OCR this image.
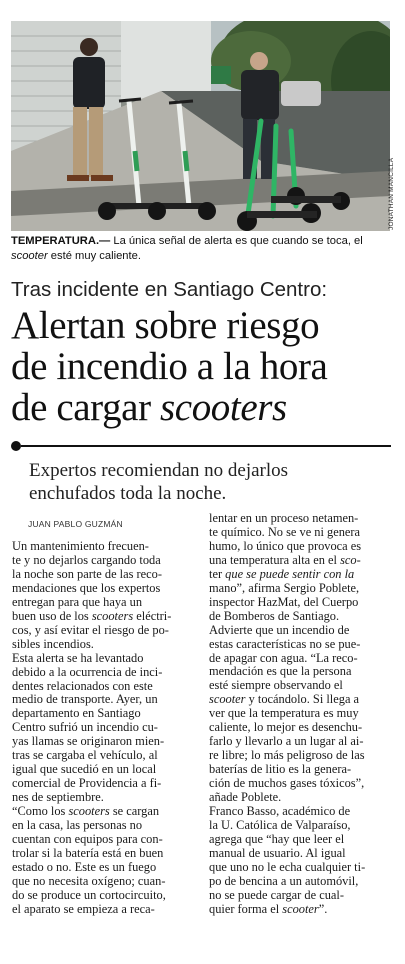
JONATHAN MANCILLA
TEMPERATURA.— La única señal de alerta es que cuando se toca, el
scooter esté muy caliente.
Tras incidente en Santiago Centro:
Alertan sobre riesgo
de incendio a la hora
de cargar scooters
Expertos recomiendan no dejarlos
enchufados toda la noche.
JUAN PABLO GUZMÁN
Un mantenimiento frecuen-
te y no dejarlos cargando toda
la noche son parte de las reco-
mendaciones que los expertos
entregan para que haya un
buen uso de los scooters eléctri-
cos, y así evitar el riesgo de po-
sibles incendios.
Esta alerta se ha levantado
debido a la ocurrencia de inci-
dentes relacionados con este
medio de transporte. Ayer, un
departamento en Santiago
Centro sufrió un incendio cu-
yas llamas se originaron mien-
tras se cargaba el vehículo, al
igual que sucedió en un local
comercial de Providencia a fi-
nes de septiembre.
“Como los scooters se cargan
en la casa, las personas no
cuentan con equipos para con-
trolar si la batería está en buen
estado o no. Este es un fuego
que no necesita oxígeno; cuan-
do se produce un cortocircuito,
el aparato se empieza a reca-
lentar en un proceso netamen-
te químico. No se ve ni genera
humo, lo único que provoca es
una temperatura alta en el sco-
ter que se puede sentir con la
mano”, afirma Sergio Poblete,
inspector HazMat, del Cuerpo
de Bomberos de Santiago.
Advierte que un incendio de
estas características no se pue-
de apagar con agua. “La reco-
mendación es que la persona
esté siempre observando el
scooter y tocándolo. Si llega a
ver que la temperatura es muy
caliente, lo mejor es desenchu-
farlo y llevarlo a un lugar al ai-
re libre; lo más peligroso de las
baterías de litio es la genera-
ción de muchos gases tóxicos”,
añade Poblete.
Franco Basso, académico de
la U. Católica de Valparaíso,
agrega que “hay que leer el
manual de usuario. Al igual
que uno no le echa cualquier ti-
po de bencina a un automóvil,
no se puede cargar de cual-
quier forma el scooter”.
